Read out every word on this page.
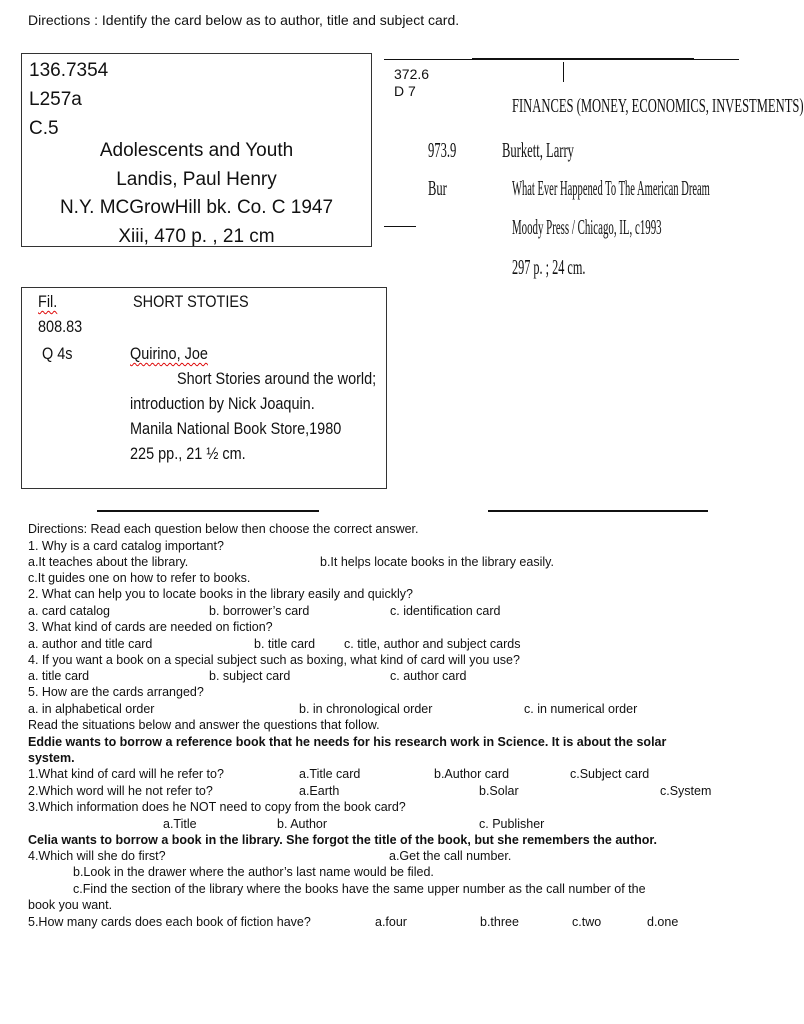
Directions : Identify the card below as to author, title and subject card.
136.7354
L257a
C.5
Adolescents and Youth
Landis, Paul Henry
N.Y. MCGrowHill bk. Co. C 1947
Xiii, 470 p. , 21 cm
372.6
D 7
FINANCES (MONEY, ECONOMICS, INVESTMENTS)
973.9	Burkett, Larry
Bur	What Ever Happened To The American Dream
Moody Press / Chicago, IL, c1993
297 p. ; 24 cm.
Fil.	SHORT STOTIES
808.83
Q 4s	Quirino, Joe
Short Stories around the world;
introduction by Nick Joaquin.
Manila National Book Store,1980
225 pp., 21 ½ cm.
Directions: Read each question below then choose the correct answer.
1. Why is a card catalog important?
a.It teaches about the library.	b.It helps locate books in the library easily.
c.It guides one on how to refer to books.
2. What can help you to locate books in the library easily and quickly?
a. card catalog	b. borrower’s card	c. identification card
3. What kind of cards are needed on fiction?
a. author and title card	b. title card c. title, author and subject cards
4. If you want a book on a special subject such as boxing, what kind of card will you use?
a. title card	b. subject card	c. author card
5. How are the cards arranged?
a. in alphabetical order	b. in chronological order	c. in numerical order
Read the situations below and answer the questions that follow.
Eddie wants to borrow a reference book that he needs for his research work in Science. It is about the solar
system.
1.What kind of card will he refer to?	a.Title card	b.Author card	c.Subject card
2.Which word will he not refer to?	a.Earth	b.Solar	c.System
3.Which information does he NOT need to copy from the book card?
a.Title	b. Author	c. Publisher
Celia wants to borrow a book in the library. She forgot the title of the book, but she remembers the author.
4.Which will she do first?	a.Get the call number.
b.Look in the drawer where the author’s last name would be filed.
c.Find the section of the library where the books have the same upper number as the call number of the
book you want.
5.How many cards does each book of fiction have?	a.four	b.three	c.two	d.one
